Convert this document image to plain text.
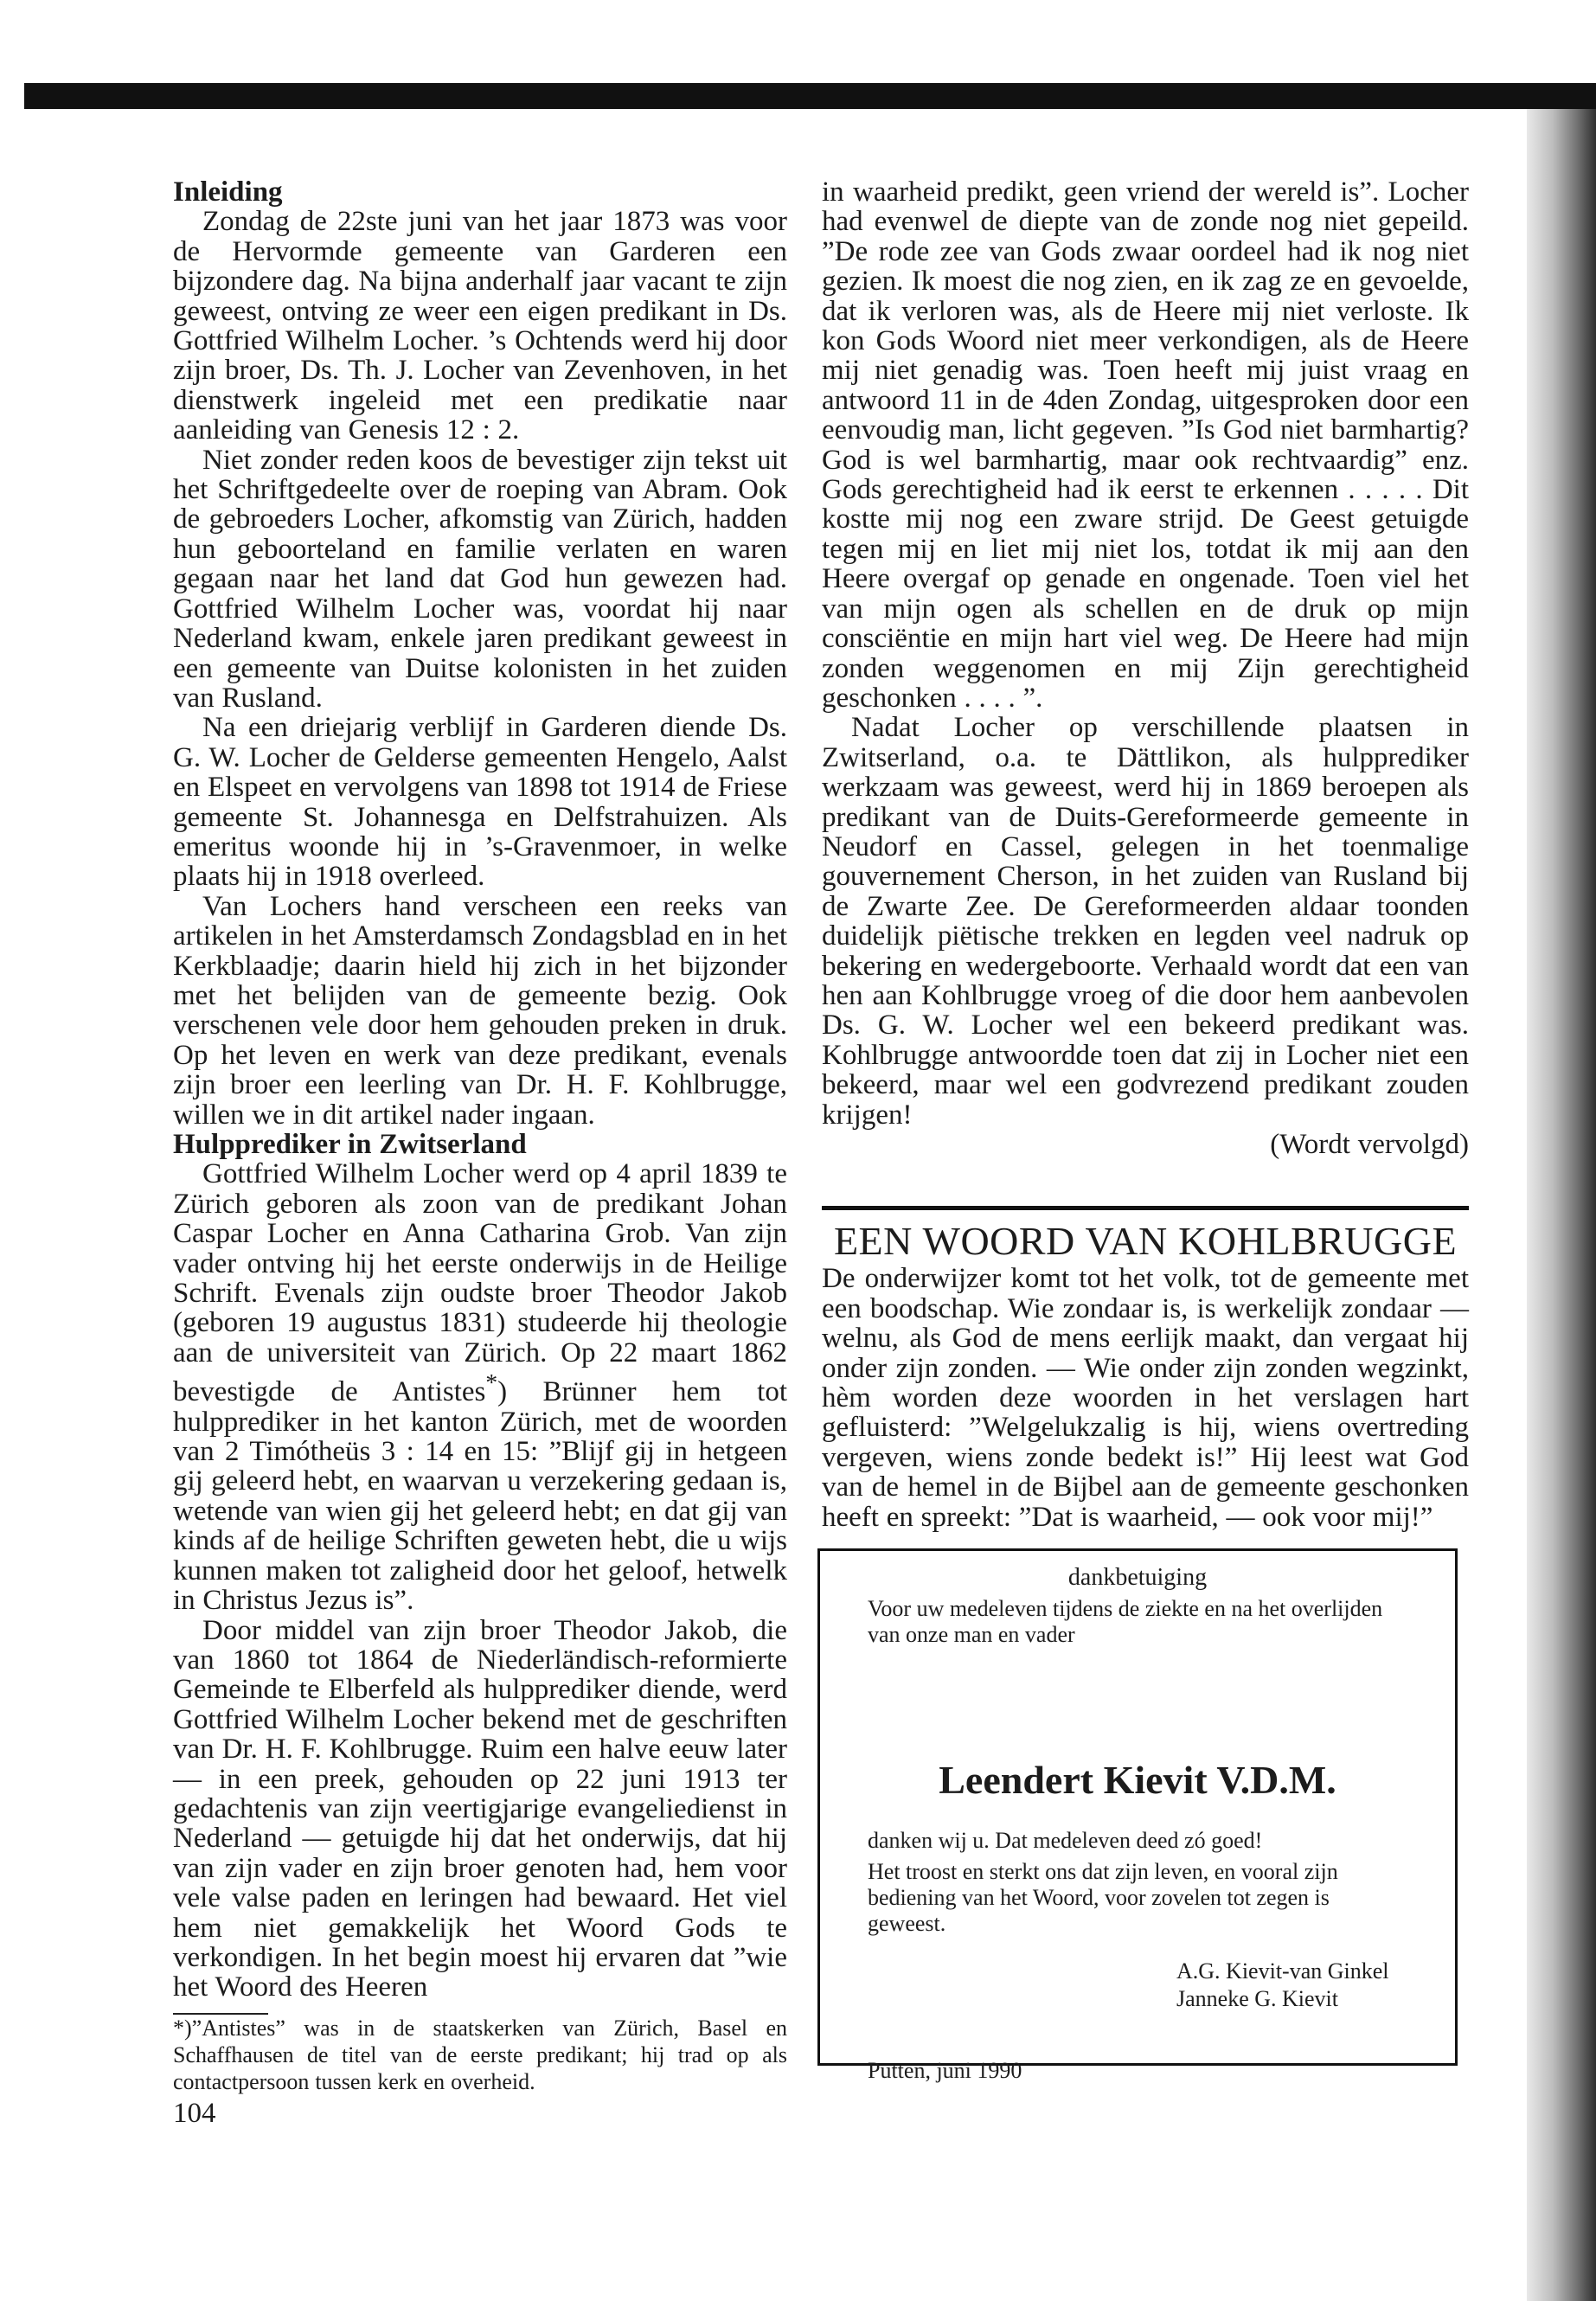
Inleiding

Zondag de 22ste juni van het jaar 1873 was voor de Hervormde gemeente van Garderen een bijzondere dag. Na bijna anderhalf jaar vacant te zijn geweest, ontving ze weer een eigen predikant in Ds. Gottfried Wilhelm Locher. ’s Ochtends werd hij door zijn broer, Ds. Th. J. Locher van Zevenhoven, in het dienstwerk ingeleid met een predikatie naar aanleiding van Genesis 12 : 2.

Niet zonder reden koos de bevestiger zijn tekst uit het Schriftgedeelte over de roeping van Abram. Ook de gebroeders Locher, afkomstig van Zürich, hadden hun geboorteland en familie verlaten en waren gegaan naar het land dat God hun gewezen had. Gottfried Wilhelm Locher was, voordat hij naar Nederland kwam, enkele jaren predikant geweest in een gemeente van Duitse kolonisten in het zuiden van Rusland.

Na een driejarig verblijf in Garderen diende Ds. G. W. Locher de Gelderse gemeenten Hengelo, Aalst en Elspeet en vervolgens van 1898 tot 1914 de Friese gemeente St. Johannesga en Delfstrahuizen. Als emeritus woonde hij in ’s-Gravenmoer, in welke plaats hij in 1918 overleed.

Van Lochers hand verscheen een reeks van artikelen in het Amsterdamsch Zondagsblad en in het Kerkblaadje; daarin hield hij zich in het bijzonder met het belijden van de gemeente bezig. Ook verschenen vele door hem gehouden preken in druk. Op het leven en werk van deze predikant, evenals zijn broer een leerling van Dr. H. F. Kohlbrugge, willen we in dit artikel nader ingaan.

Hulpprediker in Zwitserland

Gottfried Wilhelm Locher werd op 4 april 1839 te Zürich geboren als zoon van de predikant Johan Caspar Locher en Anna Catharina Grob. Van zijn vader ontving hij het eerste onderwijs in de Heilige Schrift. Evenals zijn oudste broer Theodor Jakob (geboren 19 augustus 1831) studeerde hij theologie aan de universiteit van Zürich. Op 22 maart 1862 bevestigde de Antistes*) Brünner hem tot hulpprediker in het kanton Zürich, met de woorden van 2 Timótheüs 3 : 14 en 15: ”Blijf gij in hetgeen gij geleerd hebt, en waarvan u verzekering gedaan is, wetende van wien gij het geleerd hebt; en dat gij van kinds af de heilige Schriften geweten hebt, die u wijs kunnen maken tot zaligheid door het geloof, hetwelk in Christus Jezus is”.

Door middel van zijn broer Theodor Jakob, die van 1860 tot 1864 de Niederländisch-reformierte Gemeinde te Elberfeld als hulpprediker diende, werd Gottfried Wilhelm Locher bekend met de geschriften van Dr. H. F. Kohlbrugge. Ruim een halve eeuw later — in een preek, gehouden op 22 juni 1913 ter gedachtenis van zijn veertigjarige evangeliedienst in Nederland — getuigde hij dat het onderwijs, dat hij van zijn vader en zijn broer genoten had, hem voor vele valse paden en leringen had bewaard. Het viel hem niet gemakkelijk het Woord Gods te verkondigen. In het begin moest hij ervaren dat ”wie het Woord des Heeren

*)”Antistes” was in de staatskerken van Zürich, Basel en Schaffhausen de titel van de eerste predikant; hij trad op als contactpersoon tussen kerk en overheid.

104

in waarheid predikt, geen vriend der wereld is”. Locher had evenwel de diepte van de zonde nog niet gepeild. ”De rode zee van Gods zwaar oordeel had ik nog niet gezien. Ik moest die nog zien, en ik zag ze en gevoelde, dat ik verloren was, als de Heere mij niet verloste. Ik kon Gods Woord niet meer verkondigen, als de Heere mij niet genadig was. Toen heeft mij juist vraag en antwoord 11 in de 4den Zondag, uitgesproken door een eenvoudig man, licht gegeven. ”Is God niet barmhartig? God is wel barmhartig, maar ook rechtvaardig” enz. Gods gerechtigheid had ik eerst te erkennen . . . . . Dit kostte mij nog een zware strijd. De Geest getuigde tegen mij en liet mij niet los, totdat ik mij aan den Heere overgaf op genade en ongenade. Toen viel het van mijn ogen als schellen en de druk op mijn consciëntie en mijn hart viel weg. De Heere had mijn zonden weggenomen en mij Zijn gerechtigheid geschonken . . . . ”.

Nadat Locher op verschillende plaatsen in Zwitserland, o.a. te Dättlikon, als hulpprediker werkzaam was geweest, werd hij in 1869 beroepen als predikant van de Duits-Gereformeerde gemeente in Neudorf en Cassel, gelegen in het toenmalige gouvernement Cherson, in het zuiden van Rusland bij de Zwarte Zee. De Gereformeerden aldaar toonden duidelijk piëtische trekken en legden veel nadruk op bekering en wedergeboorte. Verhaald wordt dat een van hen aan Kohlbrugge vroeg of die door hem aanbevolen Ds. G. W. Locher wel een bekeerd predikant was. Kohlbrugge antwoordde toen dat zij in Locher niet een bekeerd, maar wel een godvrezend predikant zouden krijgen!

(Wordt vervolgd)

EEN WOORD VAN KOHLBRUGGE

De onderwijzer komt tot het volk, tot de gemeente met een boodschap. Wie zondaar is, is werkelijk zondaar — welnu, als God de mens eerlijk maakt, dan vergaat hij onder zijn zonden. — Wie onder zijn zonden wegzinkt, hèm worden deze woorden in het verslagen hart gefluisterd: ”Welgelukzalig is hij, wiens overtreding vergeven, wiens zonde bedekt is!” Hij leest wat God van de hemel in de Bijbel aan de gemeente geschonken heeft en spreekt: ”Dat is waarheid, — ook voor mij!”

dankbetuiging
Voor uw medeleven tijdens de ziekte en na het overlijden van onze man en vader
Leendert Kievit V.D.M.
danken wij u. Dat medeleven deed zó goed!
Het troost en sterkt ons dat zijn leven, en vooral zijn bediening van het Woord, voor zovelen tot zegen is geweest.
A.G. Kievit-van Ginkel
Janneke G. Kievit
Putten, juni 1990
